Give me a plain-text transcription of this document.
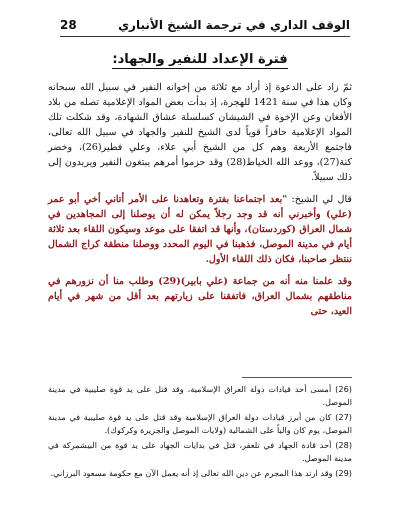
الوقف الداري في ترجمة الشيخ الأنباري
28
فترة الإعداد للنفير والجهاد:

ثمّ زاد على الدعوة إذ أراد مع ثلاثة من إخوانه النفير في سبيل الله سبحانه وكان هذا في سنة 1421 للهجرة، إذ بدأت بعض المواد الإعلامية تصله من بلاد الأفغان وعن الإخوة في الشيشان كسلسلة عشاق الشهادة، وقد شكلت تلك المواد الإعلامية حافزاً قوياً لدى الشيخ للنفير والجهاد في سبيل الله تعالى، فاجتمع الأربعة وهم كل من الشيخ أبي علاء، وعلي فطير(26)، وخضر كنة(27)، ووعد الله الخياط(28) وقد حزموا أمرهم يبتغون النفير ويريدون إلى ذلك سبيلاً.

قال لي الشيخ: "بعد اجتماعنا بفترة وتعاهدنا على الأمر أتاني أخي أبو عمر (علي) وأخبرني أنه قد وجد رجلاً يمكن له أن يوصلنا إلى المجاهدين في شمال العراق (كوردستان)، وأنها قد اتفقا على موعد وسيكون اللقاء بعد ثلاثة أيام في مدينة الموصل، فذهبنا في اليوم المحدد ووصلنا منطقة كراج الشمال ننتظر صاحبنا، فكان ذلك اللقاء الأول.

وقد علمنا منه أنه من جماعة (علي بابير)(29) وطلب منا أن نزورهم في مناطقهم بشمال العراق، فاتفقنا على زيارتهم بعد أقل من شهر في أيام العيد، حتى

(26) أمسى أحد قيادات دولة العراق الإسلامية، وقد قتل على يد قوة صليبية في مدينة الموصل.

(27) كان من أبرز قيادات دولة العراق الإسلامية وقد قتل على يد قوة صليبية في مدينة الموصل، يوم كان والياً على الشمالية (ولايات الموصل والجزيرة وكركوك).

(28) أحد قادة الجهاد في تلعفر، قتل في بدايات الجهاد على يد قوة من البيشمركة في مدينة الموصل.

(29) وقد ارتد هذا المجرم عن دين الله تعالى إذ أنه يعمل الآن مع حكومة مسعود البرزاني.
